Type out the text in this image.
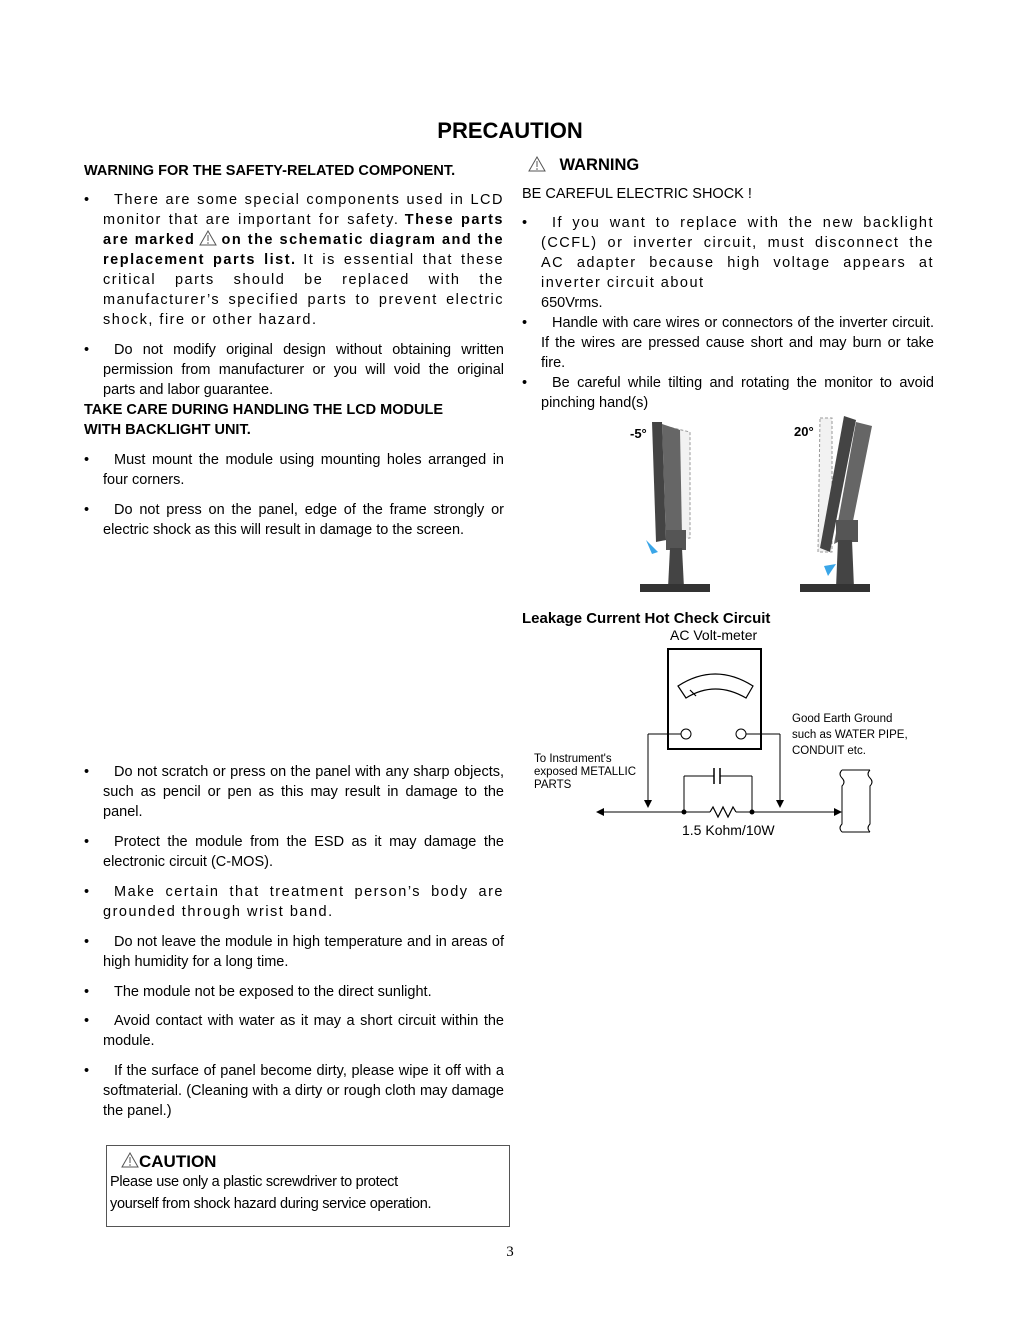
PRECAUTION
WARNING FOR THE SAFETY-RELATED COMPONENT.
•	There are some special components used in LCD monitor that are important for safety. These parts are marked on the schematic diagram and the replacement parts list. It is essential that these critical parts should be replaced with the manufacturer’s specified parts to prevent electric shock, fire or other hazard.
•	Do not modify original design without obtaining written permission from manufacturer or you will void the original parts and labor guarantee.
TAKE CARE DURING HANDLING THE LCD MODULE
WITH BACKLIGHT UNIT.
•	Must mount the module using mounting holes arranged in four corners.
•	Do not press on the panel, edge of the frame strongly or electric shock as this will result in damage to the screen.
•	Do not scratch or press on the panel with any sharp objects, such as pencil or pen as this may result in damage to the panel.
•	Protect the module from the ESD as it may damage the electronic circuit (C-MOS).
•	Make certain that treatment person’s body are grounded through wrist band.
•	Do not leave the module in high temperature and in areas of high humidity for a long time.
•	The module not be exposed to the direct sunlight.
•	Avoid contact with water as it may a short circuit within the module.
•	If the surface of panel become dirty, please wipe it off with a softmaterial. (Cleaning with a dirty or rough cloth may damage the panel.)
CAUTION
Please use only a plastic screwdriver to protect
yourself from shock hazard during service operation.
WARNING
BE CAREFUL ELECTRIC SHOCK !
•	If you want to replace with the new backlight (CCFL) or inverter circuit, must disconnect the AC adapter because high voltage appears at inverter circuit about
650Vrms.
•	Handle with care wires or connectors of the inverter circuit. If the wires are pressed cause short and may burn or take fire.
•	Be careful while tilting and rotating the monitor to avoid pinching hand(s)
-5°	20°
Leakage Current Hot Check Circuit
AC Volt-meter
1.5 Kohm/10W
Good Earth Ground
such as WATER PIPE,
CONDUIT etc.
To Instrument's
exposed METALLIC
PARTS
3
